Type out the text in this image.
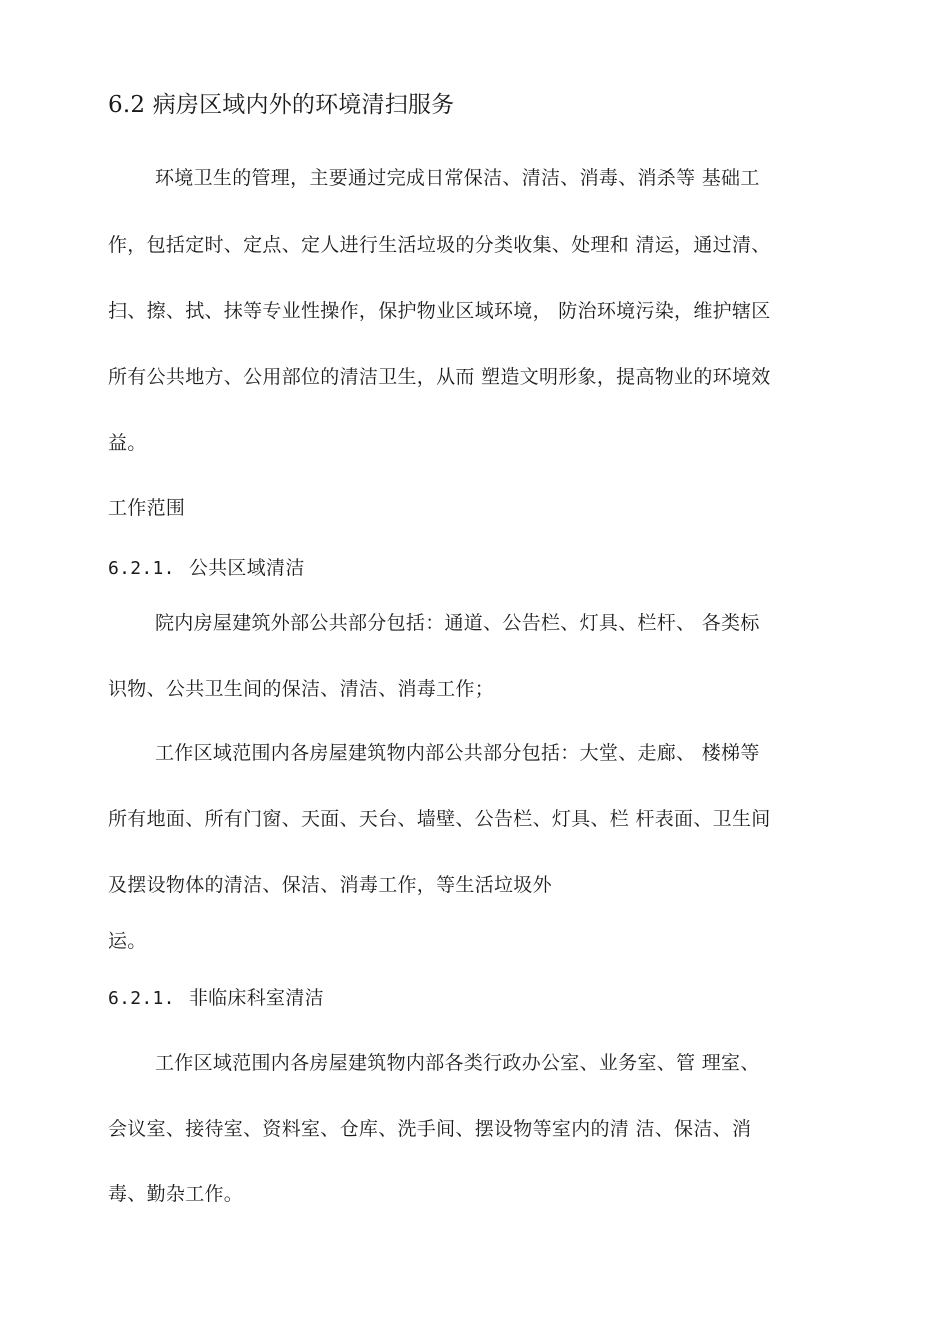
6.2 病房区域内外的环境清扫服务
环境卫生的管理，主要通过完成日常保洁、清洁、消毒、消杀等 基础工
作，包括定时、定点、定人进行生活垃圾的分类收集、处理和 清运，通过清、
扫、擦、拭、抹等专业性操作，保护物业区域环境， 防治环境污染，维护辖区
所有公共地方、公用部位的清洁卫生，从而 塑造文明形象，提高物业的环境效
益。
工作范围
6.2.1. 公共区域清洁
院内房屋建筑外部公共部分包括：通道、公告栏、灯具、栏杆、 各类标
识物、公共卫生间的保洁、清洁、消毒工作；
工作区域范围内各房屋建筑物内部公共部分包括：大堂、走廊、 楼梯等
所有地面、所有门窗、天面、天台、墙壁、公告栏、灯具、栏 杆表面、卫生间
及摆设物体的清洁、保洁、消毒工作，等生活垃圾外
运。
6.2.1. 非临床科室清洁
工作区域范围内各房屋建筑物内部各类行政办公室、业务室、管 理室、
会议室、接待室、资料室、仓库、洗手间、摆设物等室内的清 洁、保洁、消
毒、勤杂工作。
